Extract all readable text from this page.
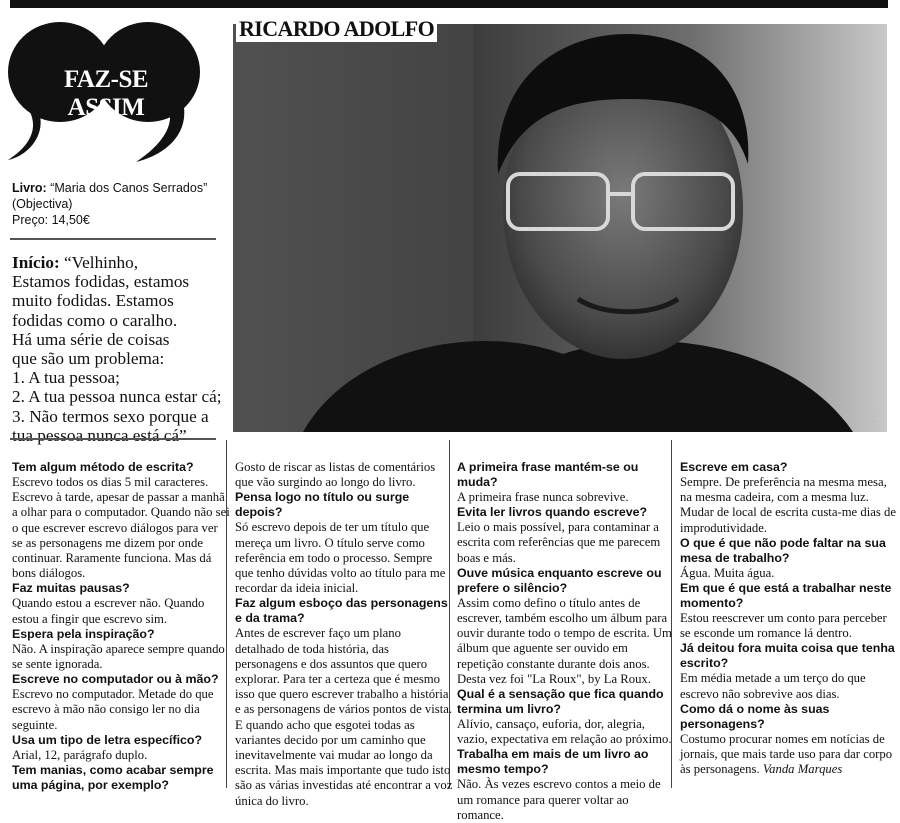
FAZ-SE ASSIM
Livro: “Maria dos Canos Serrados”
(Objectiva)
Preço: 14,50€
Início: “Velhinho,
Estamos fodidas, estamos
muito fodidas. Estamos
fodidas como o caralho.
Há uma série de coisas
que são um problema:
1. A tua pessoa;
2. A tua pessoa nunca estar cá;
3. Não termos sexo porque a
tua pessoa nunca está cá”
RICARDO ADOLFO
D.R.

Tem algum método de escrita?

Escrevo todos os dias 5 mil caracteres. Escrevo à tarde, apesar de passar a manhã a olhar para o computador. Quando não sei o que escrever escrevo diálogos para ver se as personagens me dizem por onde continuar. Raramente funciona. Mas dá bons diálogos.

Faz muitas pausas?

Quando estou a escrever não. Quando estou a fingir que escrevo sim.

Espera pela inspiração?

Não. A inspiração aparece sempre quando se sente ignorada.

Escreve no computador ou à mão?

Escrevo no computador. Metade do que escrevo à mão não consigo ler no dia seguinte.

Usa um tipo de letra específico?

Arial, 12, parágrafo duplo.

Tem manias, como acabar sempre uma página, por exemplo?

Gosto de riscar as listas de comentários que vão surgindo ao longo do livro.

Pensa logo no título ou surge depois?

Só escrevo depois de ter um título que mereça um livro. O título serve como referência em todo o processo. Sempre que tenho dúvidas volto ao título para me recordar da ideia inicial.

Faz algum esboço das personagens e da trama?

Antes de escrever faço um plano detalhado de toda história, das personagens e dos assuntos que quero explorar. Para ter a certeza que é mesmo isso que quero escrever trabalho a história e as personagens de vários pontos de vista. E quando acho que esgotei todas as variantes decido por um caminho que inevitavelmente vai mudar ao longo da escrita. Mas mais importante que tudo isto são as várias investidas até encontrar a voz única do livro.

A primeira frase mantém-se ou muda?

A primeira frase nunca sobrevive.

Evita ler livros quando escreve?

Leio o mais possível, para contaminar a escrita com referências que me parecem boas e más.

Ouve música enquanto escreve ou prefere o silêncio?

Assim como defino o título antes de escrever, também escolho um álbum para ouvir durante todo o tempo de escrita. Um álbum que aguente ser ouvido em repetição constante durante dois anos. Desta vez foi "La Roux", by La Roux.

Qual é a sensação que fica quando termina um livro?

Alívio, cansaço, euforia, dor, alegria, vazio, expectativa em relação ao próximo.

Trabalha em mais de um livro ao mesmo tempo?

Não. Às vezes escrevo contos a meio de um romance para querer voltar ao romance.

Escreve em casa?

Sempre. De preferência na mesma mesa, na mesma cadeira, com a mesma luz. Mudar de local de escrita custa-me dias de improdutividade.

O que é que não pode faltar na sua mesa de trabalho?

Água. Muita água.

Em que é que está a trabalhar neste momento?

Estou reescrever um conto para perceber se esconde um romance lá dentro.

Já deitou fora muita coisa que tenha escrito?

Em média metade a um terço do que escrevo não sobrevive aos dias.

Como dá o nome às suas personagens?

Costumo procurar nomes em notícias de jornais, que mais tarde uso para dar corpo às personagens. Vanda Marques
